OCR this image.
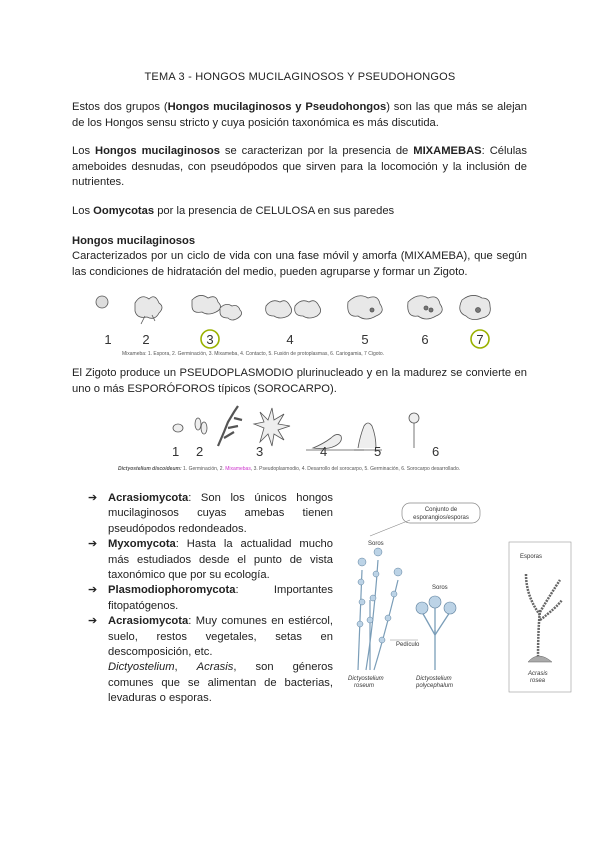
TEMA 3 - HONGOS MUCILAGINOSOS Y PSEUDOHONGOS
Estos dos grupos (Hongos mucilaginosos y Pseudohongos) son las que más se alejan de los Hongos sensu stricto y cuya posición taxonómica es más discutida.
Los Hongos mucilaginosos se caracterizan por la presencia de MIXAMEBAS: Células ameboides desnudas, con pseudópodos que sirven para la locomoción y la inclusión de nutrientes.
Los Oomycotas por la presencia de CELULOSA en sus paredes
Hongos mucilaginosos
Caracterizados por un ciclo de vida con una fase móvil y amorfa (MIXAMEBA), que según las condiciones de hidratación del medio, pueden agruparse y formar un Zigoto.
1 2	3	4	5	6	7
Mixameba: 1. Espora, 2. Germinación, 3. Mixameba, 4. Contacto, 5. Fusión de protoplasmas, 6. Cariogamia, 7 Cigoto.
El Zigoto produce un PSEUDOPLASMODIO plurinucleado y en la madurez se convierte en uno o más ESPORÓFOROS típicos (SOROCARPO).
1 2	3	4	5	6
Dictyostelium discoideum: 1. Germinación, 2. Mixamebas, 3. Pseudoplasmodio, 4. Desarrollo del sorocarpo, 5. Germinación, 6. Sorocarpo desarrollado.
➔ Acrasiomycota: Son los únicos hongos mucilaginosos cuyas amebas tienen pseudópodos redondeados.
➔ Myxomycota: Hasta la actualidad mucho más estudiados desde el punto de vista taxonómico que por su ecología.
➔ Plasmodiophoromycota: Importantes fitopatógenos.
➔ Acrasiomycota: Muy comunes en estiércol, suelo, restos vegetales, setas en descomposición, etc.
Dictyostelium, Acrasis, son géneros comunes que se alimentan de bacterias, levaduras o esporas.
Conjunto de
esporangios/esporas
Soros
Soros
Pedículo
Dictyostelium
roseum
Dictyostelium
polycephalum
Esporas
Acrasis
rosea
